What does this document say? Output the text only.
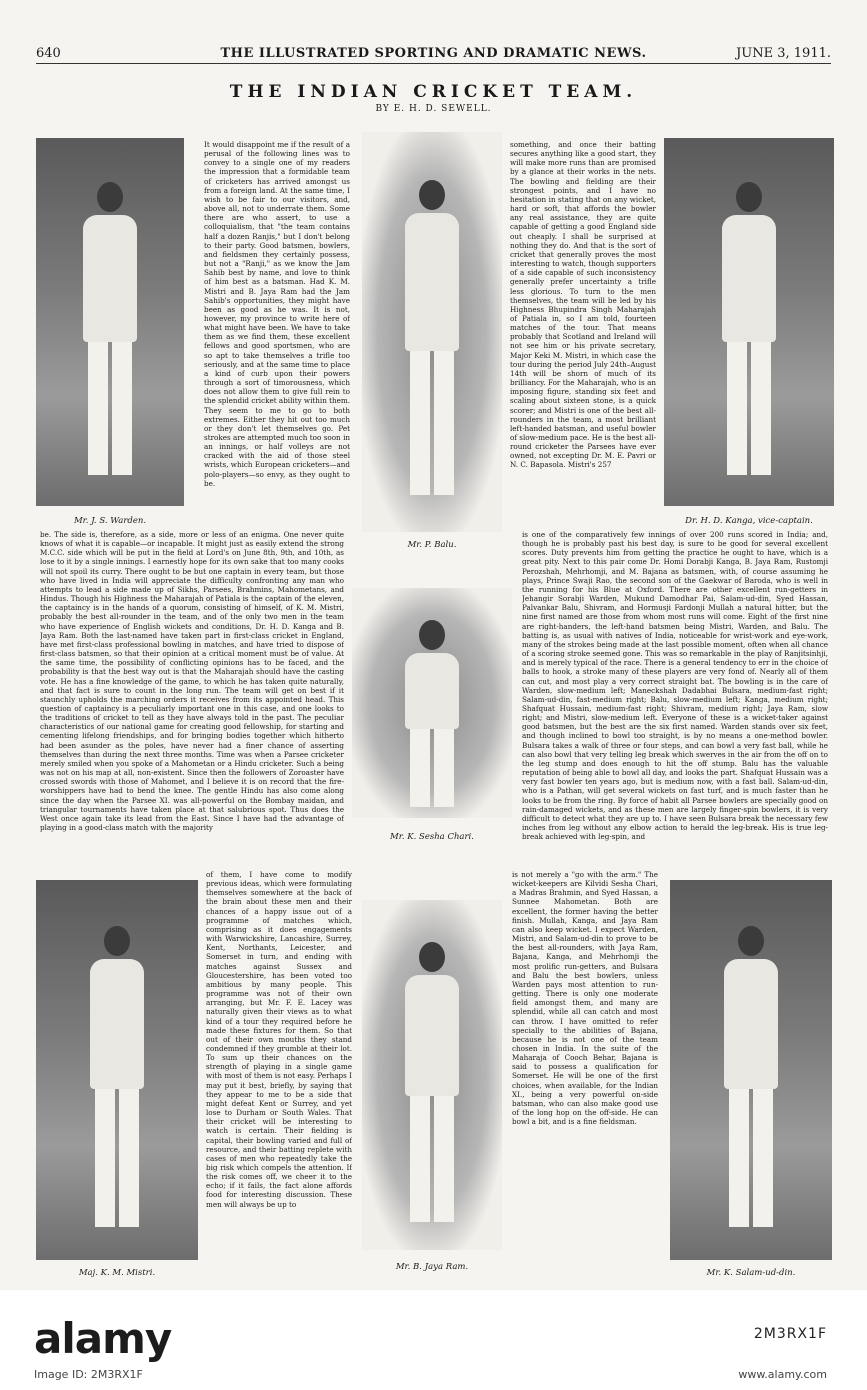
640	THE ILLUSTRATED SPORTING AND DRAMATIC NEWS.	JUNE 3, 1911.
THE INDIAN CRICKET TEAM.
BY E. H. D. SEWELL.
Mr. J. S. Warden.
Mr. P. Balu.
Dr. H. D. Kanga, vice-captain.
Mr. K. Sesha Chari.
Maj. K. M. Mistri.
Mr. B. Jaya Ram.
Mr. K. Salam-ud-din.
It would disappoint me if the result of a perusal of the following lines was to convey to a single one of my readers the impression that a formidable team of cricketers has arrived amongst us from a foreign land. At the same time, I wish to be fair to our visitors, and, above all, not to underrate them. Some there are who assert, to use a colloquialism, that "the team contains half a dozen Ranjis," but I don't belong to their party. Good batsmen, bowlers, and fieldsmen they certainly possess, but not a "Ranji," as we know the Jam Sahib best by name, and love to think of him best as a batsman. Had K. M. Mistri and B. Jaya Ram had the Jam Sahib's opportunities, they might have been as good as he was. It is not, however, my province to write here of what might have been. We have to take them as we find them, these excellent fellows and good sportsmen, who are so apt to take themselves a trifle too seriously, and at the same time to place a kind of curb upon their powers through a sort of timorousness, which does not allow them to give full rein to the splendid cricket ability within them. They seem to me to go to both extremes. Either they hit out too much or they don't let themselves go. Pet strokes are attempted much too soon in an innings, or half volleys are not cracked with the aid of those steel wrists, which European cricketers—and polo-players—so envy, as they ought to be.
something, and once their batting secures anything like a good start, they will make more runs than are promised by a glance at their works in the nets. The bowling and fielding are their strongest points, and I have no hesitation in stating that on any wicket, hard or soft, that affords the bowler any real assistance, they are quite capable of getting a good England side out cheaply. I shall be surprised at nothing they do. And that is the sort of cricket that generally proves the most interesting to watch, though supporters of a side capable of such inconsistency generally prefer uncertainty a trifle less glorious. To turn to the men themselves, the team will be led by his Highness Bhupindra Singh Maharajah of Patiala in, so I am told, fourteen matches of the tour. That means probably that Scotland and Ireland will not see him or his private secretary, Major Keki M. Mistri, in which case the tour during the period July 24th–August 14th will be shorn of much of its brilliancy. For the Maharajah, who is an imposing figure, standing six feet and scaling about sixteen stone, is a quick scorer; and Mistri is one of the best all-rounders in the team, a most brilliant left-handed batsman, and useful bowler of slow-medium pace. He is the best all-round cricketer the Parsees have ever owned, not excepting Dr. M. E. Pavri or N. C. Bapasola. Mistri's 257
be. The side is, therefore, as a side, more or less of an enigma. One never quite knows of what it is capable—or incapable. It might just as easily extend the strong M.C.C. side which will be put in the field at Lord's on June 8th, 9th, and 10th, as lose to it by a single innings. I earnestly hope for its own sake that too many cooks will not spoil its curry. There ought to be but one captain in every team, but those who have lived in India will appreciate the difficulty confronting any man who attempts to lead a side made up of Sikhs, Parsees, Brahmins, Mahometans, and Hindus. Though his Highness the Maharajah of Patiala is the captain of the eleven, the captaincy is in the hands of a quorum, consisting of himself, of K. M. Mistri, probably the best all-rounder in the team, and of the only two men in the team who have experience of English wickets and conditions, Dr. H. D. Kanga and B. Jaya Ram. Both the last-named have taken part in first-class cricket in England, have met first-class professional bowling in matches, and have tried to dispose of first-class batsmen, so that their opinion at a critical moment must be of value. At the same time, the possibility of conflicting opinions has to be faced, and the probability is that the best way out is that the Maharajah should have the casting vote. He has a fine knowledge of the game, to which he has taken quite naturally, and that fact is sure to count in the long run. The team will get on best if it staunchly upholds the marching orders it receives from its appointed head. This question of captaincy is a peculiarly important one in this case, and one looks to the traditions of cricket to tell as they have always told in the past. The peculiar characteristics of our national game for creating good fellowship, for starting and cementing lifelong friendships, and for bringing bodies together which hitherto had been asunder as the poles, have never had a finer chance of asserting themselves than during the next three months. Time was when a Parsee cricketer merely smiled when you spoke of a Mahometan or a Hindu cricketer. Such a being was not on his map at all, non-existent. Since then the followers of Zoroaster have crossed swords with those of Mahomet, and I believe it is on record that the fire-worshippers have had to bend the knee. The gentle Hindu has also come along since the day when the Parsee XI. was all-powerful on the Bombay maidan, and triangular tournaments have taken place at that salubrious spot. Thus does the West once again take its lead from the East. Since I have had the advantage of playing in a good-class match with the majority
is one of the comparatively few innings of over 200 runs scored in India; and, though he is probably past his best day, is sure to be good for several excellent scores. Duty prevents him from getting the practice he ought to have, which is a great pity. Next to this pair come Dr. Homi Dorabji Kanga, B. Jaya Ram, Rustomji Perozshah, Mehrhomji, and M. Bajana as batsmen, with, of course assuming he plays, Prince Swaji Rao, the second son of the Gaekwar of Baroda, who is well in the running for his Blue at Oxford. There are other excellent run-getters in Jehangir Sorabji Warden, Mukund Damodhar Pai, Salam-ud-din, Syed Hassan, Palvankar Balu, Shivram, and Hormusji Fardonji Mullah a natural hitter, but the nine first named are those from whom most runs will come. Eight of the first nine are right-handers, the left-hand batsmen being Mistri, Warden, and Balu. The batting is, as usual with natives of India, noticeable for wrist-work and eye-work, many of the strokes being made at the last possible moment, often when all chance of a scoring stroke seemed gone. This was so remarkable in the play of Ranjitsinhji, and is merely typical of the race. There is a general tendency to err in the choice of balls to hook, a stroke many of these players are very fond of. Nearly all of them can cut, and most play a very correct straight bat. The bowling is in the care of Warden, slow-medium left; Maneckshah Dadabhai Bulsara, medium-fast right; Salam-ud-din, fast-medium right; Balu, slow-medium left; Kanga, medium right; Shafquat Hussain, medium-fast right; Shivram, medium right; Jaya Ram, slow right; and Mistri, slow-medium left. Everyone of these is a wicket-taker against good batsmen, but the best are the six first named. Warden stands over six feet, and though inclined to bowl too straight, is by no means a one-method bowler. Bulsara takes a walk of three or four steps, and can bowl a very fast ball, while he can also bowl that very telling leg break which swerves in the air from the off on to the leg stump and does enough to hit the off stump. Balu has the valuable reputation of being able to bowl all day, and looks the part. Shafquat Hussain was a very fast bowler ten years ago, but is medium now, with a fast ball. Salam-ud-din, who is a Pathan, will get several wickets on fast turf, and is much faster than he looks to be from the ring. By force of habit all Parsee bowlers are specially good on rain-damaged wickets, and as these men are largely finger-spin bowlers, it is very difficult to detect what they are up to. I have seen Bulsara break the necessary few inches from leg without any elbow action to herald the leg-break. His is true leg-break achieved with leg-spin, and
of them, I have come to modify previous ideas, which were formulating themselves somewhere at the back of the brain about these men and their chances of a happy issue out of a programme of matches which, comprising as it does engagements with Warwickshire, Lancashire, Surrey, Kent, Northants, Leicester, and Somerset in turn, and ending with matches against Sussex and Gloucestershire, has been voted too ambitious by many people. This programme was not of their own arranging, but Mr. F. E. Lacey was naturally given their views as to what kind of a tour they required before he made these fixtures for them. So that out of their own mouths they stand condemned if they grumble at their lot. To sum up their chances on the strength of playing in a single game with most of them is not easy. Perhaps I may put it best, briefly, by saying that they appear to me to be a side that might defeat Kent or Surrey, and yet lose to Durham or South Wales. That their cricket will be interesting to watch is certain. Their fielding is capital, their bowling varied and full of resource, and their batting replete with cases of men who repeatedly take the big risk which compels the attention. If the risk comes off, we cheer it to the echo; if it fails, the fact alone affords food for interesting discussion. These men will always be up to
is not merely a "go with the arm." The wicket-keepers are Kilvidi Sesha Chari, a Madras Brahmin, and Syed Hassan, a Sunnee Mahometan. Both are excellent, the former having the better finish. Mullah, Kanga, and Jaya Ram can also keep wicket. I expect Warden, Mistri, and Salam-ud-din to prove to be the best all-rounders, with Jaya Ram, Bajana, Kanga, and Mehrhomji the most prolific run-getters, and Bulsara and Balu the best bowlers, unless Warden pays most attention to run-getting. There is only one moderate field amongst them, and many are splendid, while all can catch and most can throw. I have omitted to refer specially to the abilities of Bajana, because he is not one of the team chosen in India. In the suite of the Maharaja of Cooch Behar, Bajana is said to possess a qualification for Somerset. He will be one of the first choices, when available, for the Indian XI., being a very powerful on-side batsman, who can also make good use of the long hop on the off-side. He can bowl a bit, and is a fine fieldsman.
alamy
Image ID: 2M3RX1F
2M3RX1F
www.alamy.com
